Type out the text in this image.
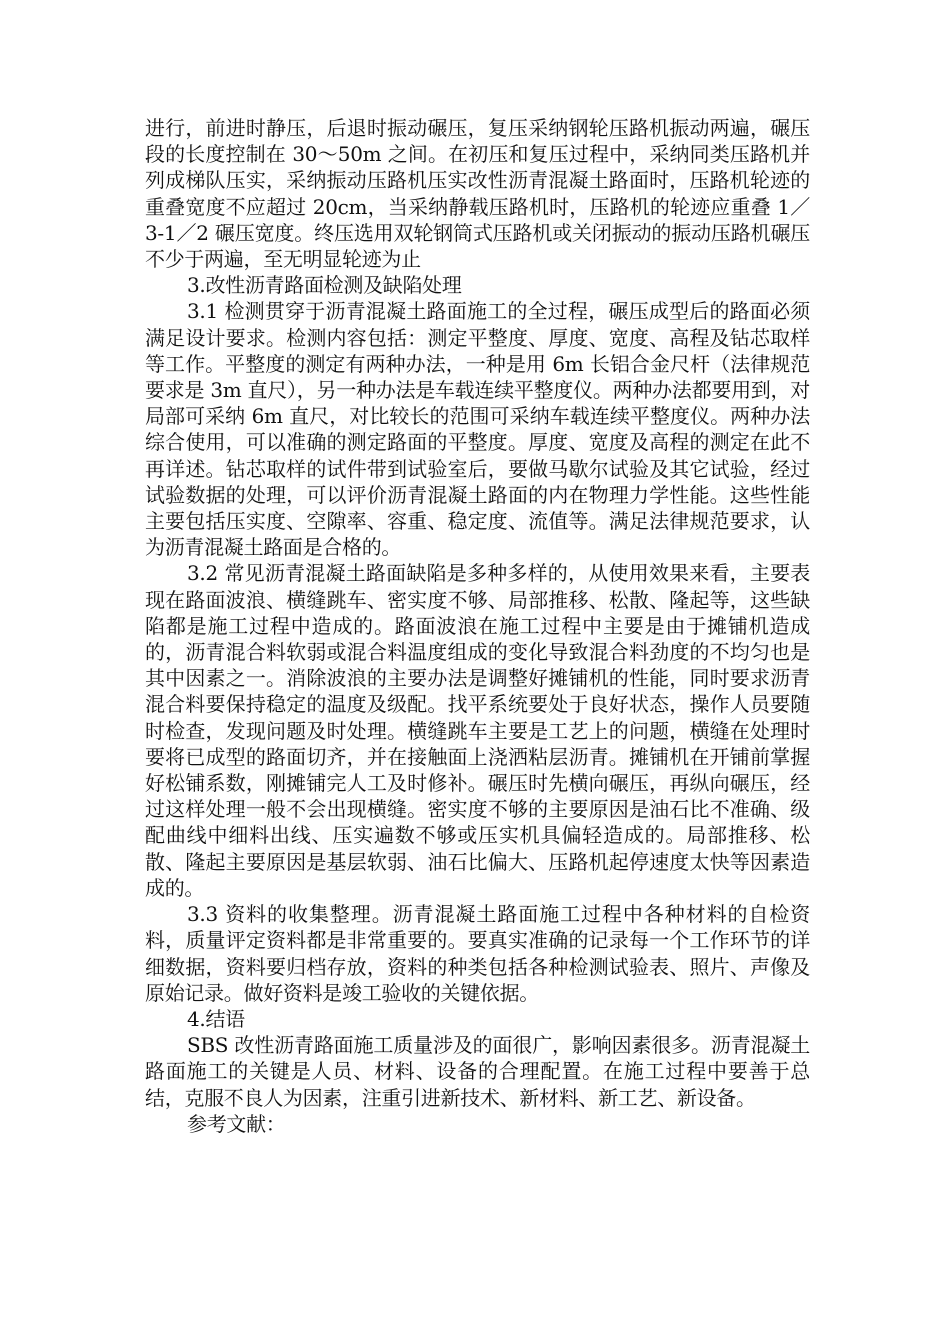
进行，前进时静压，后退时振动碾压，复压采纳钢轮压路机振动两遍，碾压段的长度控制在 30～50m 之间。在初压和复压过程中，采纳同类压路机并列成梯队压实，采纳振动压路机压实改性沥青混凝土路面时，压路机轮迹的重叠宽度不应超过 20cm，当采纳静载压路机时，压路机的轮迹应重叠 1／3-1／2 碾压宽度。终压选用双轮钢筒式压路机或关闭振动的振动压路机碾压不少于两遍，至无明显轮迹为止

3.改性沥青路面检测及缺陷处理

3.1 检测贯穿于沥青混凝土路面施工的全过程，碾压成型后的路面必须满足设计要求。检测内容包括：测定平整度、厚度、宽度、高程及钻芯取样等工作。平整度的测定有两种办法，一种是用 6m 长铝合金尺杆（法律规范要求是 3m 直尺），另一种办法是车载连续平整度仪。两种办法都要用到，对局部可采纳 6m 直尺，对比较长的范围可采纳车载连续平整度仪。两种办法综合使用，可以准确的测定路面的平整度。厚度、宽度及高程的测定在此不再详述。钻芯取样的试件带到试验室后，要做马歇尔试验及其它试验，经过试验数据的处理，可以评价沥青混凝土路面的内在物理力学性能。这些性能主要包括压实度、空隙率、容重、稳定度、流值等。满足法律规范要求，认为沥青混凝土路面是合格的。

3.2 常见沥青混凝土路面缺陷是多种多样的，从使用效果来看，主要表现在路面波浪、横缝跳车、密实度不够、局部推移、松散、隆起等，这些缺陷都是施工过程中造成的。路面波浪在施工过程中主要是由于摊铺机造成的，沥青混合料软弱或混合料温度组成的变化导致混合料劲度的不均匀也是其中因素之一。消除波浪的主要办法是调整好摊铺机的性能，同时要求沥青混合料要保持稳定的温度及级配。找平系统要处于良好状态，操作人员要随时检查，发现问题及时处理。横缝跳车主要是工艺上的问题，横缝在处理时要将已成型的路面切齐，并在接触面上浇洒粘层沥青。摊铺机在开铺前掌握好松铺系数，刚摊铺完人工及时修补。碾压时先横向碾压，再纵向碾压，经过这样处理一般不会出现横缝。密实度不够的主要原因是油石比不准确、级配曲线中细料出线、压实遍数不够或压实机具偏轻造成的。局部推移、松散、隆起主要原因是基层软弱、油石比偏大、压路机起停速度太快等因素造成的。

3.3 资料的收集整理。沥青混凝土路面施工过程中各种材料的自检资料，质量评定资料都是非常重要的。要真实准确的记录每一个工作环节的详细数据，资料要归档存放，资料的种类包括各种检测试验表、照片、声像及原始记录。做好资料是竣工验收的关键依据。

4.结语

SBS 改性沥青路面施工质量涉及的面很广，影响因素很多。沥青混凝土路面施工的关键是人员、材料、设备的合理配置。在施工过程中要善于总结，克服不良人为因素，注重引进新技术、新材料、新工艺、新设备。

参考文献：
